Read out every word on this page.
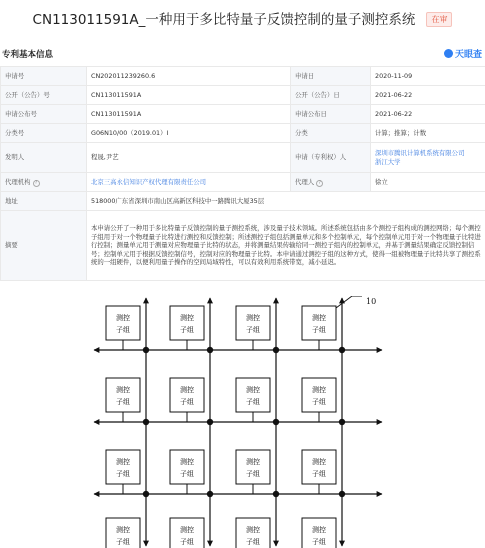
CN113011591A_一种用于多比特量子反馈控制的量子测控系统 在审
专利基本信息	天眼查
申请号	CN202011239260.6	申请日	2020-11-09
公开（公告）号	CN113011591A	公开（公告）日	2021-06-22
申请公布号	CN113011591A	申请公布日	2021-06-22
分类号	G06N10/00（2019.01）I	分类	计算；推算；计数
发明人	程晟,尹艺	申请（专利权）人	深圳市腾讯计算机系统有限公司
浙江大学
代理机构 ?	北京三高永信知识产权代理有限责任公司	代理人 ?	徐立
地址	518000广东省深圳市南山区高新区科技中一路腾讯大厦35层		
摘要	本申请公开了一种用于多比特量子反馈控制的量子测控系统，涉及量子技术领域。所述系统包括由多个测控子组构成的测控网络；每个测控子组用于对一个物理量子比特进行测控和反馈控制；所述测控子组包括测量单元和多个控制单元，每个控制单元用于对一个物理量子比特进行控制；测量单元用于测量对应物理量子比特的状态，并将测量结果传输给同一测控子组内的控制单元，并基于测量结果确定反馈控制信号；控制单元用于根据反馈控制信号，控制对应的物理量子比特。本申请通过测控子组的这种方式，使得一组被物理量子比特共享了测控系统的一组硬件，以便利用量子操作的空间局域特性，可以有效利用系统带宽，减小延迟。		
测控
子组
测控
子组
测控
子组
测控
子组
测控
子组
测控
子组
测控
子组
测控
子组
测控
子组
测控
子组
测控
子组
测控
子组
测控
子组
测控
子组
测控
子组
测控
子组
10
